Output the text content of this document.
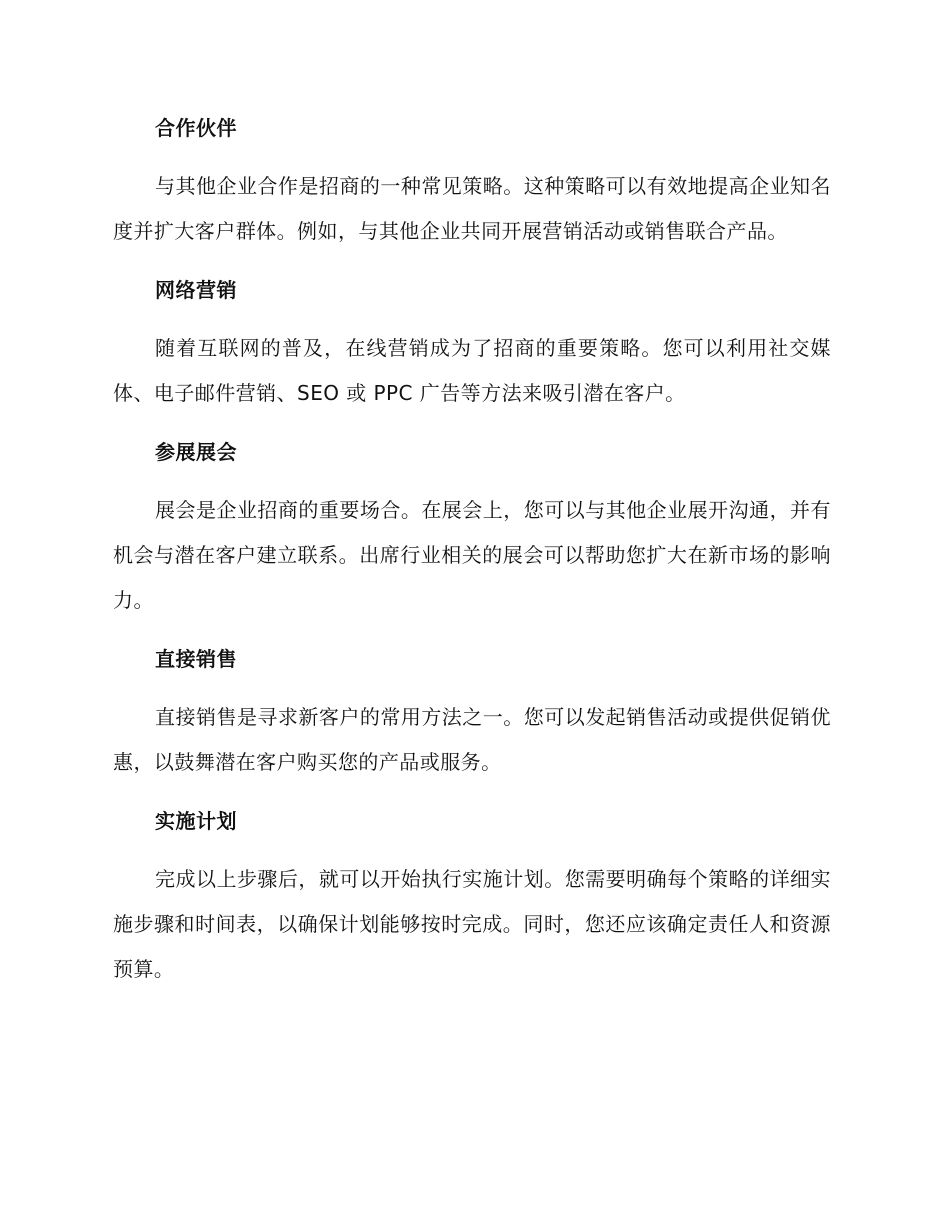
合作伙伴

与其他企业合作是招商的一种常见策略。这种策略可以有效地提高企业知名度并扩大客户群体。例如，与其他企业共同开展营销活动或销售联合产品。

网络营销

随着互联网的普及，在线营销成为了招商的重要策略。您可以利用社交媒体、电子邮件营销、SEO 或 PPC 广告等方法来吸引潜在客户。

参展展会

展会是企业招商的重要场合。在展会上，您可以与其他企业展开沟通，并有机会与潜在客户建立联系。出席行业相关的展会可以帮助您扩大在新市场的影响力。

直接销售

直接销售是寻求新客户的常用方法之一。您可以发起销售活动或提供促销优惠，以鼓舞潜在客户购买您的产品或服务。

实施计划

完成以上步骤后，就可以开始执行实施计划。您需要明确每个策略的详细实施步骤和时间表，以确保计划能够按时完成。同时，您还应该确定责任人和资源预算。
